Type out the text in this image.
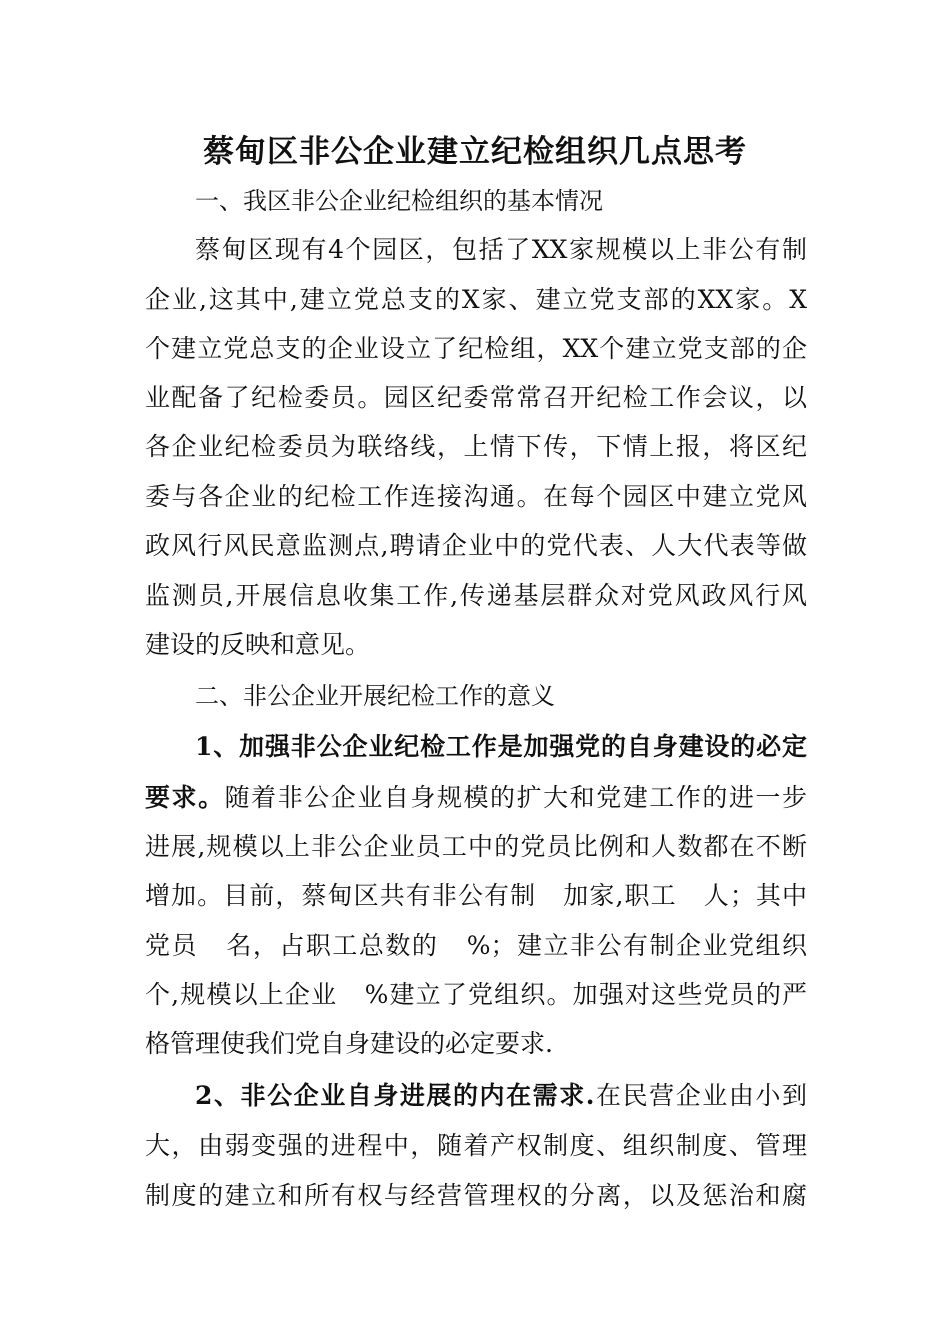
蔡甸区非公企业建立纪检组织几点思考
一、我区非公企业纪检组织的基本情况
蔡甸区现有4个园区，包括了XX家规模以上非公有制
企业,这其中,建立党总支的X家、建立党支部的XX家。X
个建立党总支的企业设立了纪检组，XX个建立党支部的企
业配备了纪检委员。园区纪委常常召开纪检工作会议，以
各企业纪检委员为联络线，上情下传，下情上报，将区纪
委与各企业的纪检工作连接沟通。在每个园区中建立党风
政风行风民意监测点,聘请企业中的党代表、人大代表等做
监测员,开展信息收集工作,传递基层群众对党风政风行风
建设的反映和意见。
二、非公企业开展纪检工作的意义
1、加强非公企业纪检工作是加强党的自身建设的必定
要求。随着非公企业自身规模的扩大和党建工作的进一步
进展,规模以上非公企业员工中的党员比例和人数都在不断
增加。目前，蔡甸区共有非公有制   加家,职工   人；其中
党员   名，占职工总数的   %；建立非公有制企业党组织
个,规模以上企业   %建立了党组织。加强对这些党员的严
格管理使我们党自身建设的必定要求.
2、非公企业自身进展的内在需求.在民营企业由小到
大，由弱变强的进程中，随着产权制度、组织制度、管理
制度的建立和所有权与经营管理权的分离，以及惩治和腐
